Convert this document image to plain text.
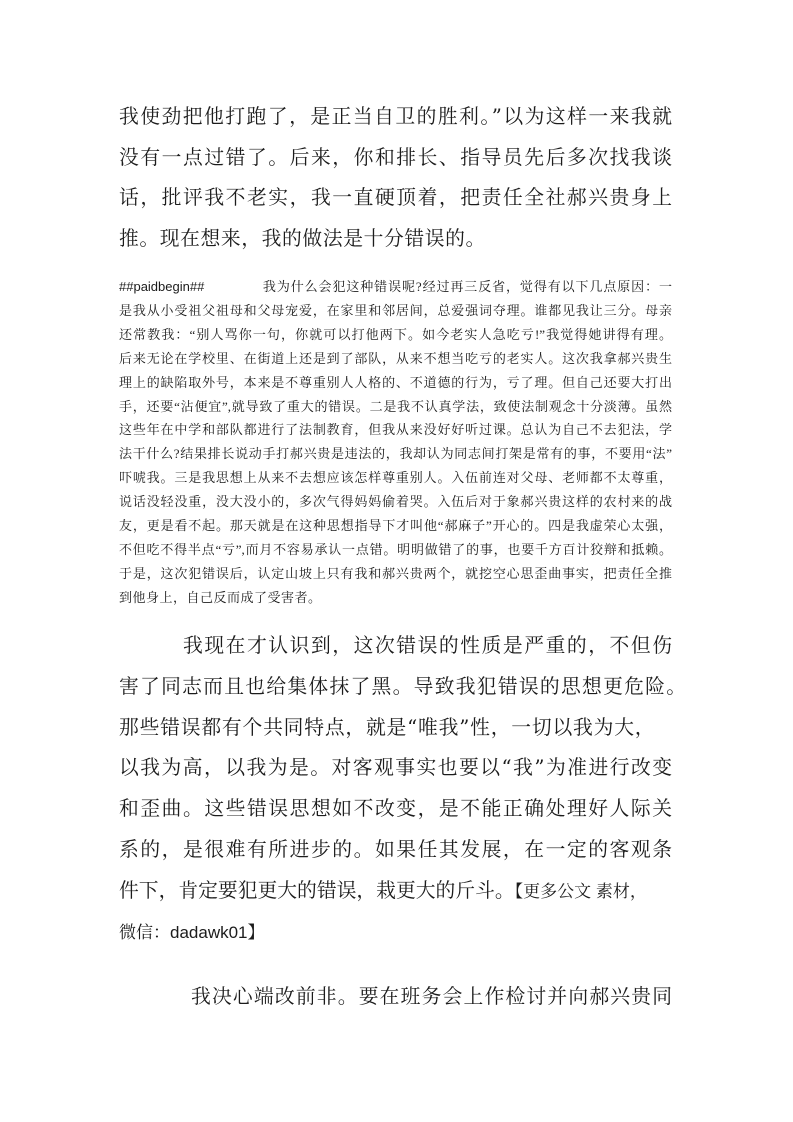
我使劲把他打跑了，是正当自卫的胜利。”以为这样一来我就
没有一点过错了。后来，你和排长、指导员先后多次找我谈
话，批评我不老实，我一直硬顶着，把责任全社郝兴贵身上
推。现在想来，我的做法是十分错误的。
##paidbegin##	我为什么会犯这种错误呢?经过再三反省，觉得有以下几点原因：一
是我从小受祖父祖母和父母宠爱，在家里和邻居间，总爱强词夺理。谁都见我让三分。母亲
还常教我：“别人骂你一句，你就可以打他两下。如今老实人急吃亏!”我觉得她讲得有理。
后来无论在学校里、在街道上还是到了部队，从来不想当吃亏的老实人。这次我拿郝兴贵生
理上的缺陷取外号，本来是不尊重别人人格的、不道德的行为，亏了理。但自己还要大打出
手，还要“沾便宜”,就导致了重大的错误。二是我不认真学法，致使法制观念十分淡薄。虽然
这些年在中学和部队都进行了法制教育，但我从来没好好听过课。总认为自己不去犯法，学
法干什么?结果排长说动手打郝兴贵是违法的，我却认为同志间打架是常有的事，不要用“法”
吓唬我。三是我思想上从来不去想应该怎样尊重别人。入伍前连对父母、老师都不太尊重，
说话没轻没重，没大没小的，多次气得妈妈偷着哭。入伍后对于象郝兴贵这样的农村来的战
友，更是看不起。那天就是在这种思想指导下才叫他“郝麻子”开心的。四是我虚荣心太强，
不但吃不得半点“亏”,而月不容易承认一点错。明明做错了的事，也要千方百计狡辩和抵赖。
于是，这次犯错误后，认定山坡上只有我和郝兴贵两个，就挖空心思歪曲事实，把责任全推
到他身上，自己反而成了受害者。
我现在才认识到，这次错误的性质是严重的，不但伤
害了同志而且也给集体抹了黑。导致我犯错误的思想更危险。
那些错误都有个共同特点，就是“唯我”性，一切以我为大，
以我为高，以我为是。对客观事实也要以“我”为准进行改变
和歪曲。这些错误思想如不改变，是不能正确处理好人际关
系的，是很难有所进步的。如果任其发展，在一定的客观条
件下，肯定要犯更大的错误，栽更大的斤斗。【更多公文 素材，
微信：dadawk01】
我决心端改前非。要在班务会上作检讨并向郝兴贵同
